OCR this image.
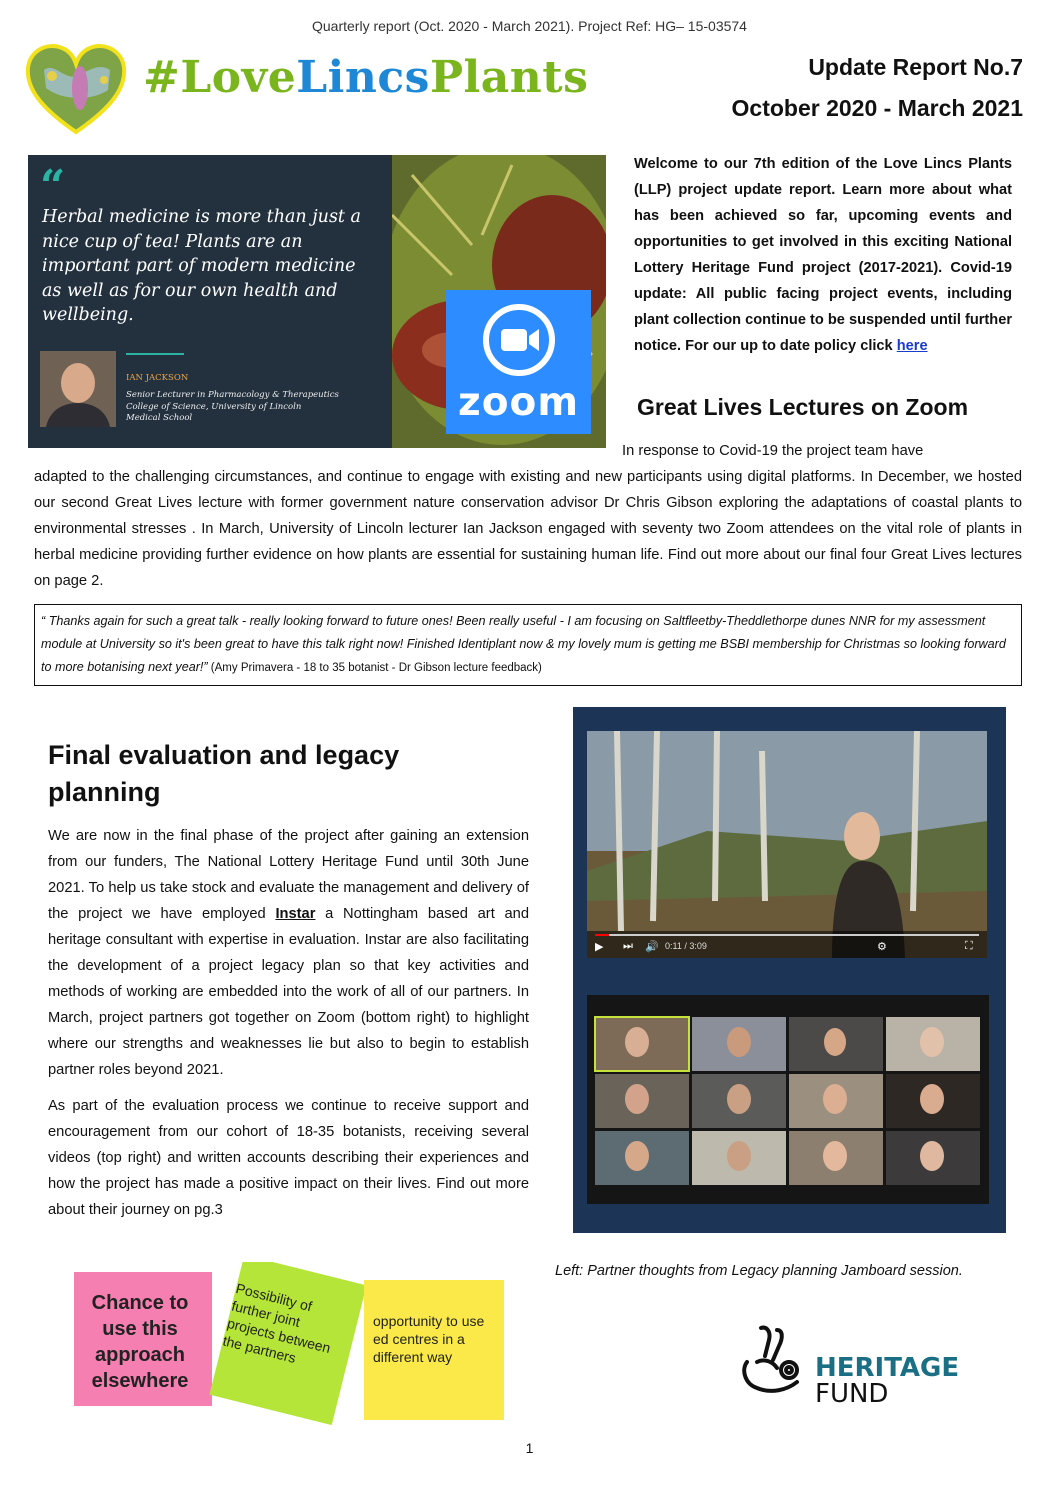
Quarterly report (Oct. 2020 - March 2021). Project Ref: HG– 15-03574
#LoveLincsPlants	Update Report No.7
October 2020 - March 2021
“
Herbal medicine is more than just a nice cup of tea! Plants are an important part of modern medicine as well as for our own health and wellbeing.
IAN JACKSON
Senior Lecturer in Pharmacology & Therapeutics
College of Science, University of Lincoln
Medical School	zoom
Welcome to our 7th edition of the Love Lincs Plants (LLP) project update report. Learn more about what has been achieved so far, upcoming events and opportunities to get involved in this exciting National Lottery Heritage Fund project (2017-2021). Covid-19 update: All public facing project events, including plant collection continue to be suspended until further notice. For our up to date policy click here
Great Lives Lectures on Zoom
In response to Covid-19 the project team have
adapted to the challenging circumstances, and continue to engage with existing and new participants using digital platforms. In December, we hosted our second Great Lives lecture with former government nature conservation advisor Dr Chris Gibson exploring the adaptations of coastal plants to environmental stresses . In March, University of Lincoln lecturer Ian Jackson engaged with seventy two Zoom attendees on the vital role of plants in herbal medicine providing further evidence on how plants are essential for sustaining human life. Find out more about our final four Great Lives lectures on page 2.
“ Thanks again for such a great talk - really looking forward to future ones! Been really useful - I am focusing on Saltfleetby-Theddlethorpe dunes NNR for my assessment module at University so it's been great to have this talk right now! Finished Identiplant now & my lovely mum is getting me BSBI membership for Christmas so looking forward to more botanising next year!” (Amy Primavera - 18 to 35 botanist - Dr Gibson lecture feedback)
Final evaluation and legacy planning

We are now in the final phase of the project after gaining an extension from our funders, The National Lottery Heritage Fund until 30th June 2021. To help us take stock and evaluate the management and delivery of the project we have employed Instar a Nottingham based art and heritage consultant with expertise in evaluation. Instar are also facilitating the development of a project legacy plan so that key activities and methods of working are embedded into the work of all of our partners. In March, project partners got together on Zoom (bottom right) to highlight where our strengths and weaknesses lie but also to begin to establish partner roles beyond 2021.

As part of the evaluation process we continue to receive support and encouragement from our cohort of 18-35 botanists, receiving several videos (top right) and written accounts describing their experiences and how the project has made a positive impact on their lives. Find out more about their journey on pg.3

Chance to use this approach elsewhere
Possibility of further joint projects between the partners
opportunity to use ed centres in a different way
Left: Partner thoughts from Legacy planning Jamboard session.
▶ ⏭ 🔊 0:11 / 3:09	⚙	⛶
HERITAGE
FUND
1
